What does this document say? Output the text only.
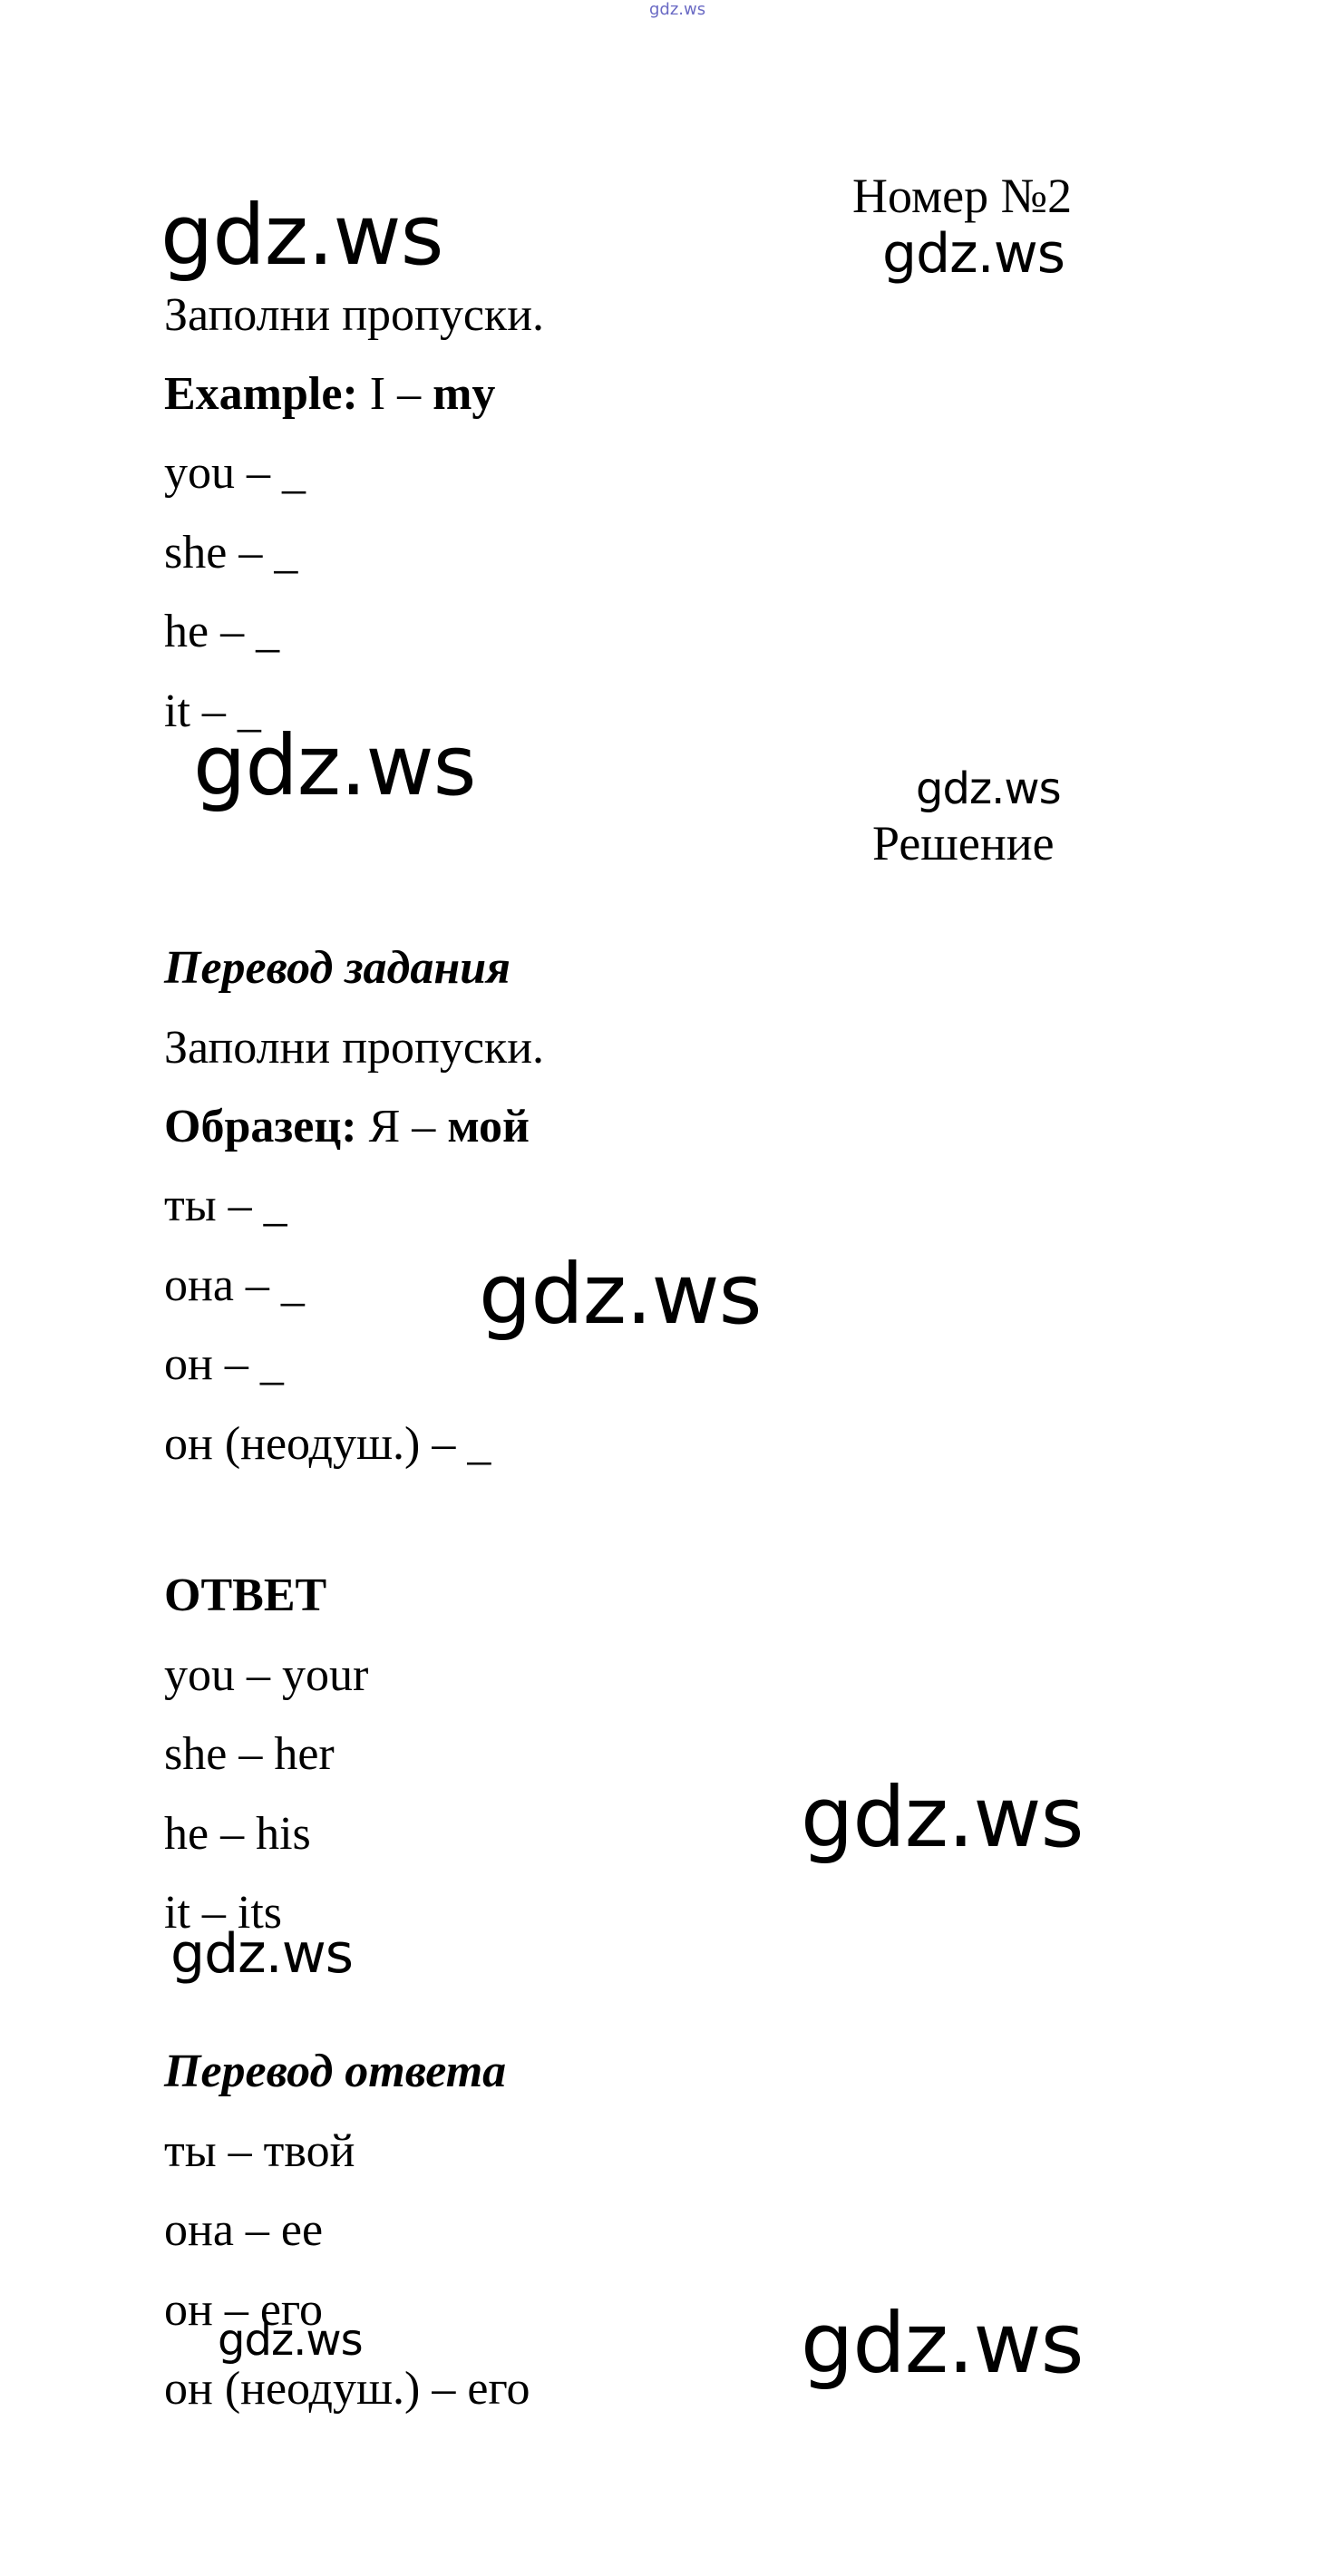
gdz.ws
Номер №2
Решение
Заполни пропуски.
Example: I – my
you – _
she – _
he – _
it – _
Перевод задания
Заполни пропуски.
Образец: Я – мой
ты – _
она – _
он – _
он (неодуш.) – _
ОТВЕТ
you – your
she – her
he – his
it – its
Перевод ответа
ты – твой
она – ее
он – его
он (неодуш.) – его
gdz.ws	gdz.ws
gdz.ws	gdz.ws
gdz.ws
gdz.ws
gdz.ws
gdz.ws	gdz.ws
